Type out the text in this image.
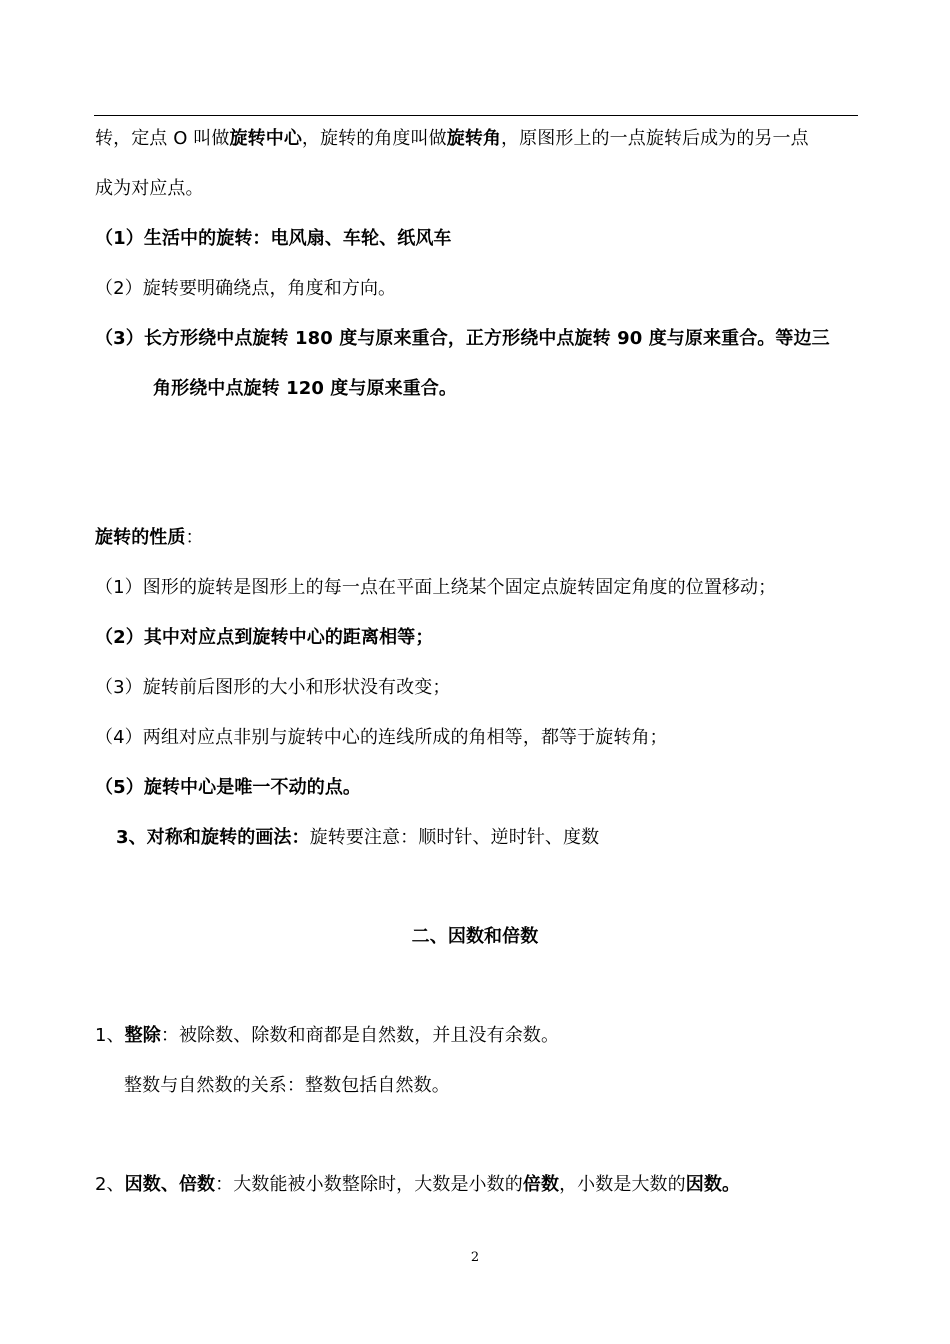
转，定点 O 叫做旋转中心，旋转的角度叫做旋转角，原图形上的一点旋转后成为的另一点
成为对应点。
（1）生活中的旋转：电风扇、车轮、纸风车
（2）旋转要明确绕点，角度和方向。
（3）长方形绕中点旋转 180 度与原来重合，正方形绕中点旋转 90 度与原来重合。等边三
角形绕中点旋转 120 度与原来重合。
旋转的性质：
（1）图形的旋转是图形上的每一点在平面上绕某个固定点旋转固定角度的位置移动；
（2）其中对应点到旋转中心的距离相等；
（3）旋转前后图形的大小和形状没有改变；
（4）两组对应点非别与旋转中心的连线所成的角相等，都等于旋转角；
（5）旋转中心是唯一不动的点。
3、对称和旋转的画法：旋转要注意：顺时针、逆时针、度数
二、因数和倍数
1、整除：被除数、除数和商都是自然数，并且没有余数。
整数与自然数的关系：整数包括自然数。
2、因数、倍数：大数能被小数整除时，大数是小数的倍数，小数是大数的因数。
2
